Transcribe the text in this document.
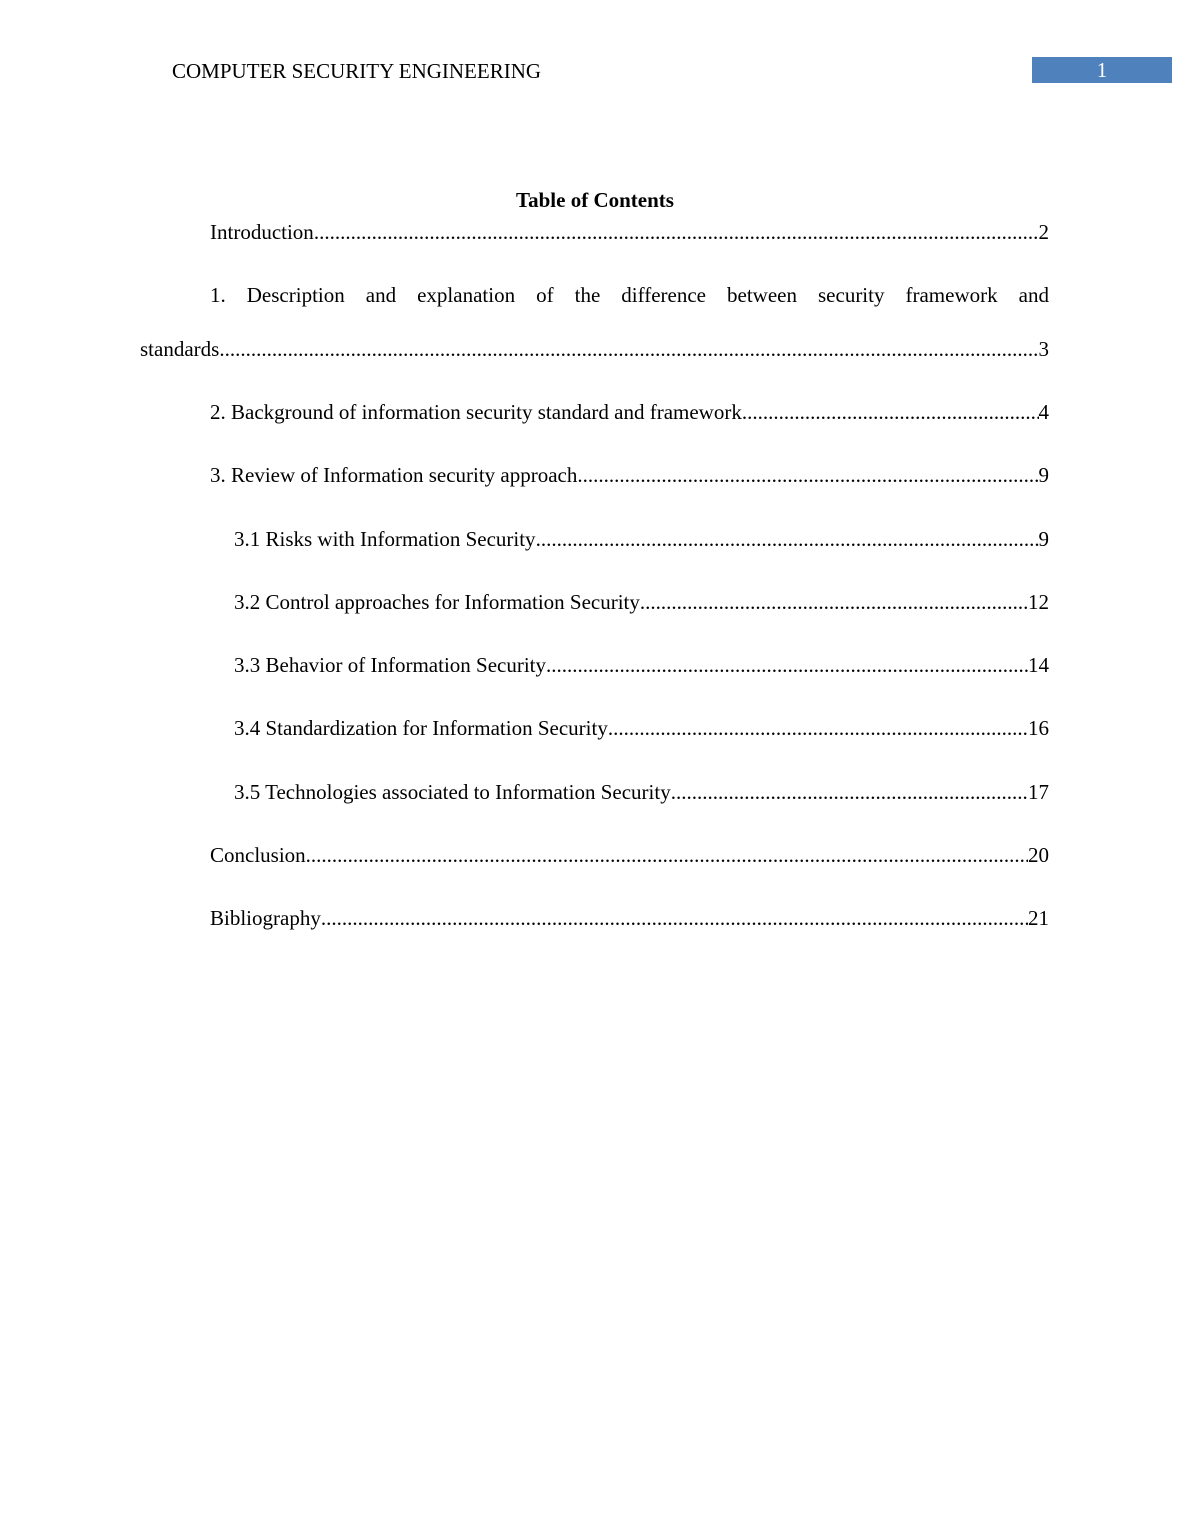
COMPUTER SECURITY ENGINEERING	1
Table of Contents
Introduction .....	2
1. Description and explanation of the difference between security framework and
standards .....	3
2. Background of information security standard and framework .....	4
3. Review of Information security approach .....	9
3.1 Risks with Information Security .....	9
3.2 Control approaches for Information Security .....	12
3.3 Behavior of Information Security .....	14
3.4 Standardization for Information Security .....	16
3.5 Technologies associated to Information Security .....	17
Conclusion .....	20
Bibliography .....	21
